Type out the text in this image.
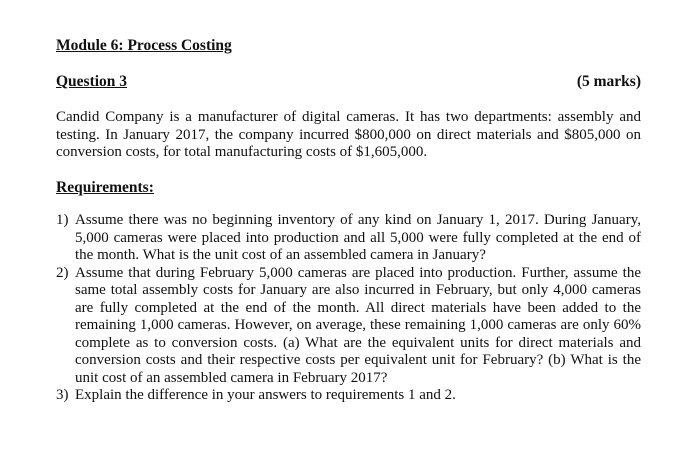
Module 6: Process Costing
Question 3	(5 marks)

Candid Company is a manufacturer of digital cameras. It has two departments: assembly and testing. In January 2017, the company incurred $800,000 on direct materials and $805,000 on conversion costs, for total manufacturing costs of $1,605,000.

Requirements:
1) Assume there was no beginning inventory of any kind on January 1, 2017. During January, 5,000 cameras were placed into production and all 5,000 were fully completed at the end of the month. What is the unit cost of an assembled camera in January?
2) Assume that during February 5,000 cameras are placed into production. Further, assume the same total assembly costs for January are also incurred in February, but only 4,000 cameras are fully completed at the end of the month. All direct materials have been added to the remaining 1,000 cameras. However, on average, these remaining 1,000 cameras are only 60% complete as to conversion costs. (a) What are the equivalent units for direct materials and conversion costs and their respective costs per equivalent unit for February? (b) What is the unit cost of an assembled camera in February 2017?
3) Explain the difference in your answers to requirements 1 and 2.
